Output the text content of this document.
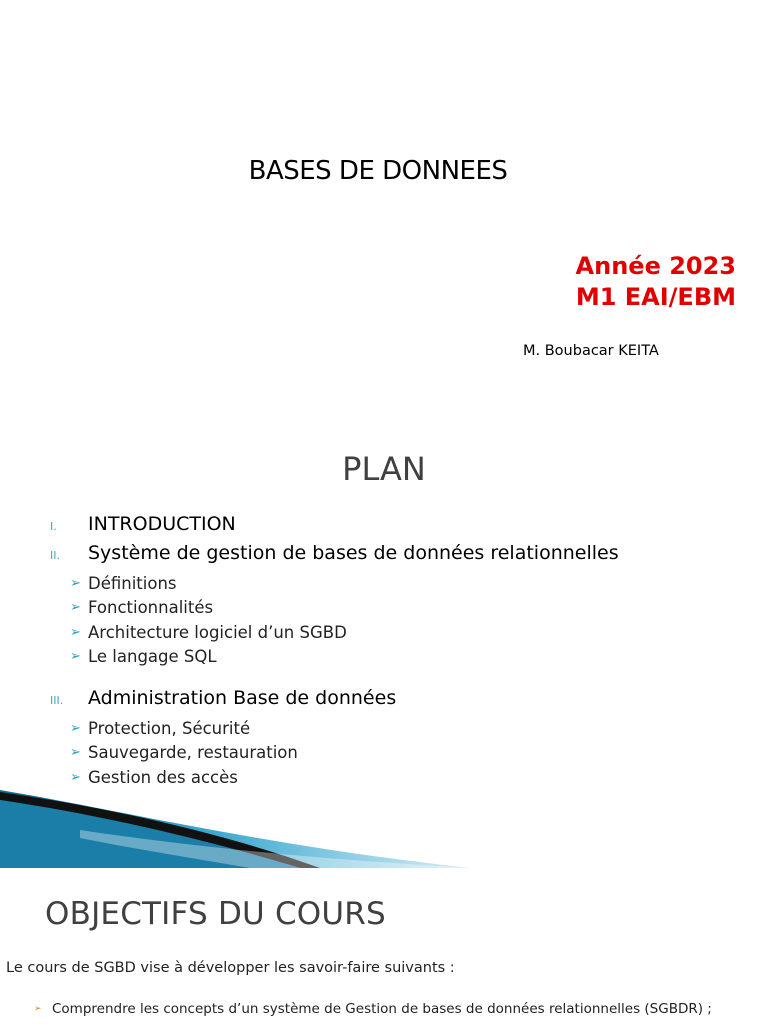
BASES DE DONNEES
Année 2023
M1 EAI/EBM
M. Boubacar KEITA
PLAN
I.	INTRODUCTION
II.	Système de gestion de bases de données relationnelles
➢ Définitions
➢ Fonctionnalités
➢ Architecture logiciel d’un SGBD
➢ Le langage SQL
III.	Administration Base de données
➢ Protection, Sécurité
➢ Sauvegarde, restauration
➢ Gestion des accès
OBJECTIFS DU COURS
Le cours de SGBD vise à développer les savoir-faire suivants :
➢ Comprendre les concepts d’un système de Gestion de bases de données relationnelles (SGBDR) ;
